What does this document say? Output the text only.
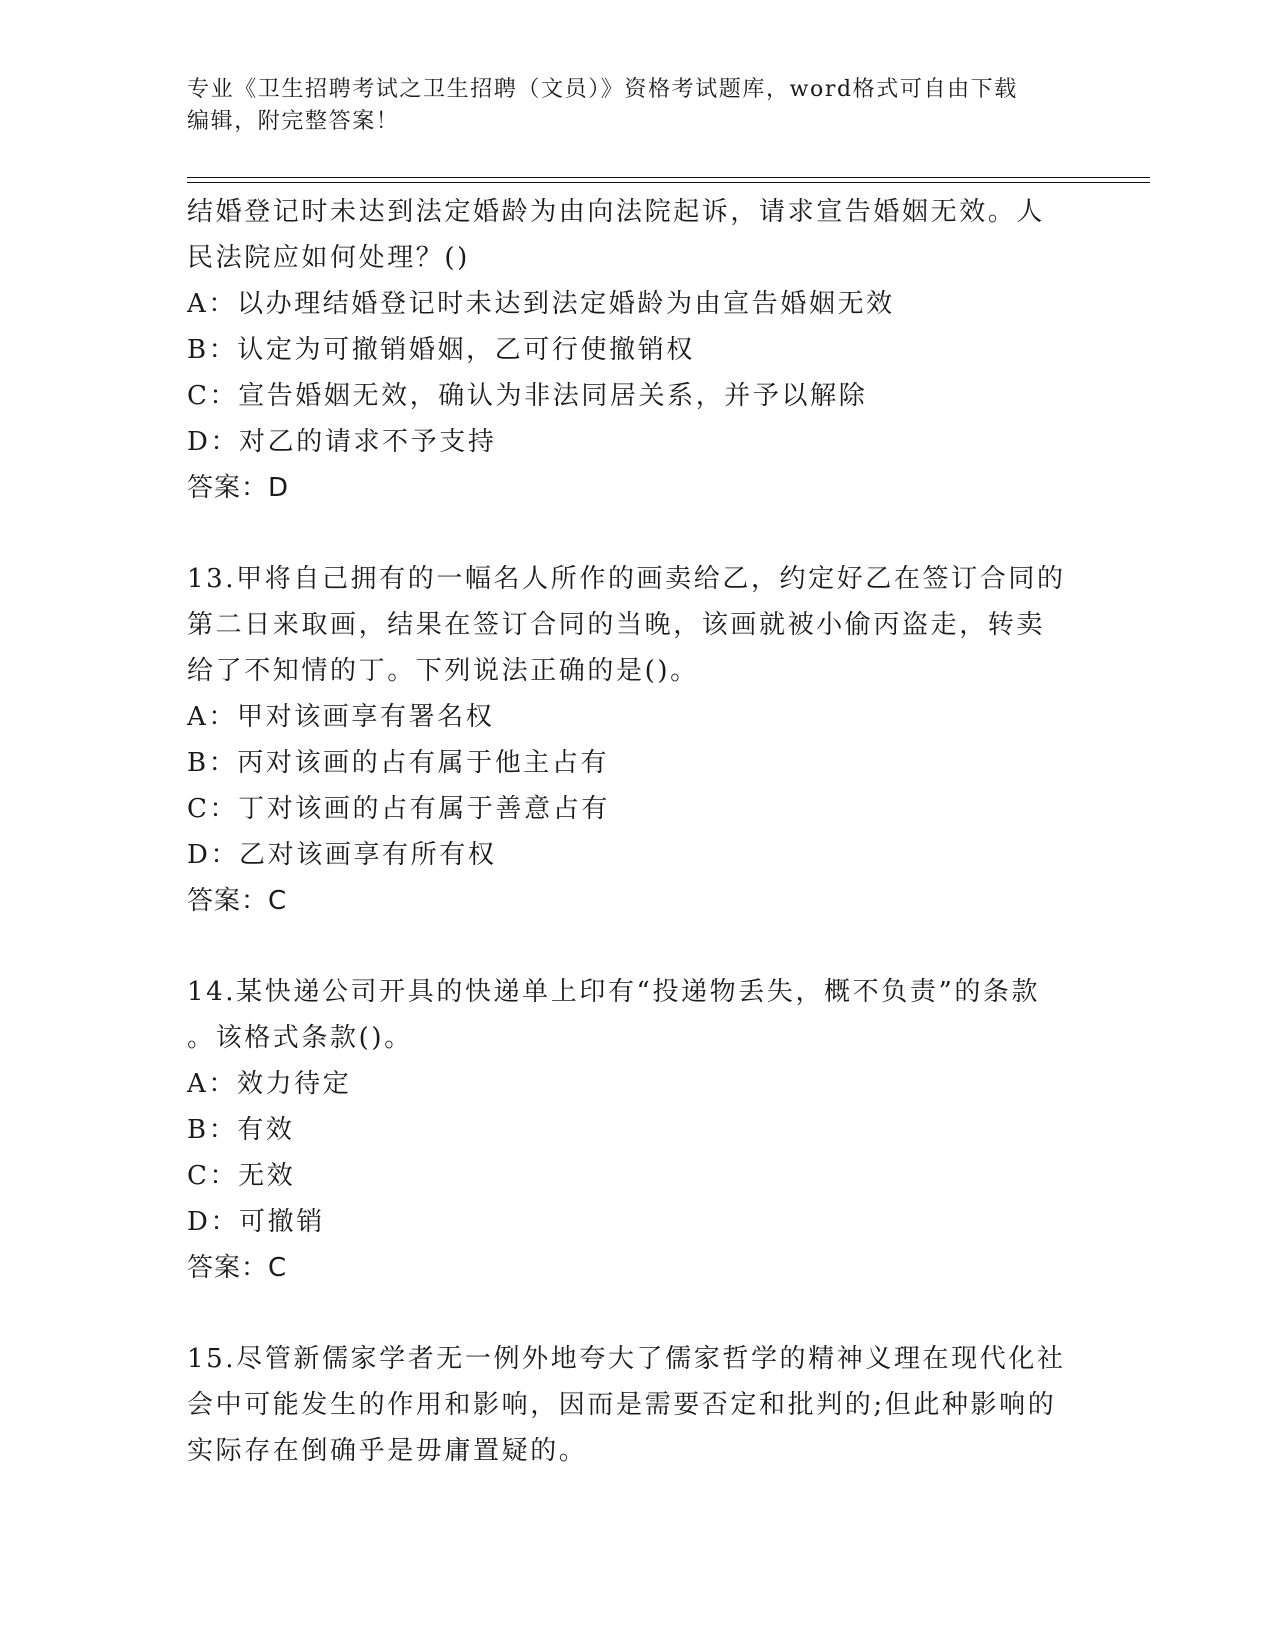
专业《卫生招聘考试之卫生招聘（文员）》资格考试题库，word格式可自由下载
编辑，附完整答案！
结婚登记时未达到法定婚龄为由向法院起诉，请求宣告婚姻无效。人
民法院应如何处理？()
A：以办理结婚登记时未达到法定婚龄为由宣告婚姻无效
B：认定为可撤销婚姻，乙可行使撤销权
C：宣告婚姻无效，确认为非法同居关系，并予以解除
D：对乙的请求不予支持
答案：D
13.甲将自己拥有的一幅名人所作的画卖给乙，约定好乙在签订合同的
第二日来取画，结果在签订合同的当晚，该画就被小偷丙盗走，转卖
给了不知情的丁。下列说法正确的是()。
A：甲对该画享有署名权
B：丙对该画的占有属于他主占有
C：丁对该画的占有属于善意占有
D：乙对该画享有所有权
答案：C
14.某快递公司开具的快递单上印有“投递物丢失，概不负责”的条款
。该格式条款()。
A：效力待定
B：有效
C：无效
D：可撤销
答案：C
15.尽管新儒家学者无一例外地夸大了儒家哲学的精神义理在现代化社
会中可能发生的作用和影响，因而是需要否定和批判的;但此种影响的
实际存在倒确乎是毋庸置疑的。
